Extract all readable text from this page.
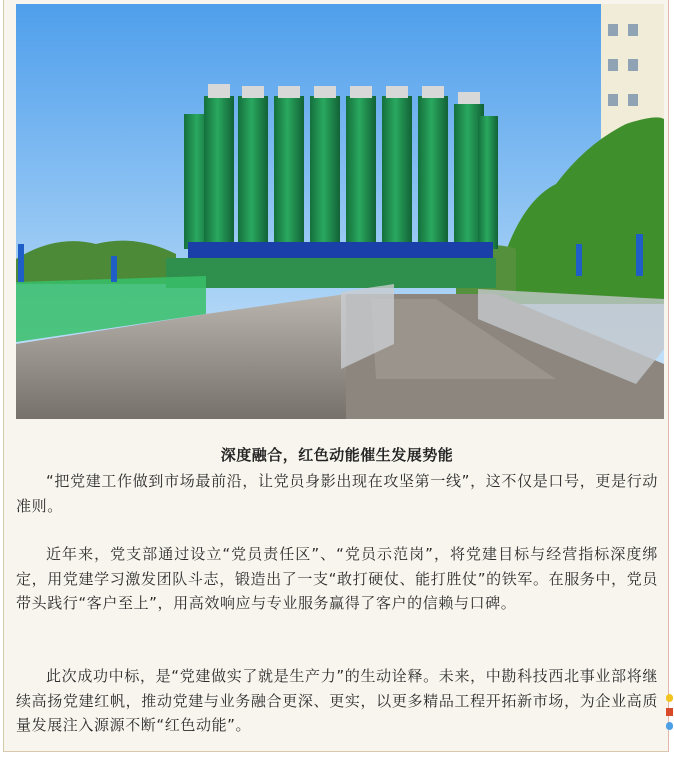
深度融合，红色动能催生发展势能

“把党建工作做到市场最前沿，让党员身影出现在攻坚第一线”，这不仅是口号，更是行动准则。

近年来，党支部通过设立“党员责任区”、“党员示范岗”，将党建目标与经营指标深度绑定，用党建学习激发团队斗志，锻造出了一支“敢打硬仗、能打胜仗”的铁军。在服务中，党员带头践行“客户至上”，用高效响应与专业服务赢得了客户的信赖与口碑。

此次成功中标，是“党建做实了就是生产力”的生动诠释。未来，中勘科技西北事业部将继续高扬党建红帆，推动党建与业务融合更深、更实，以更多精品工程开拓新市场，为企业高质量发展注入源源不断“红色动能”。
